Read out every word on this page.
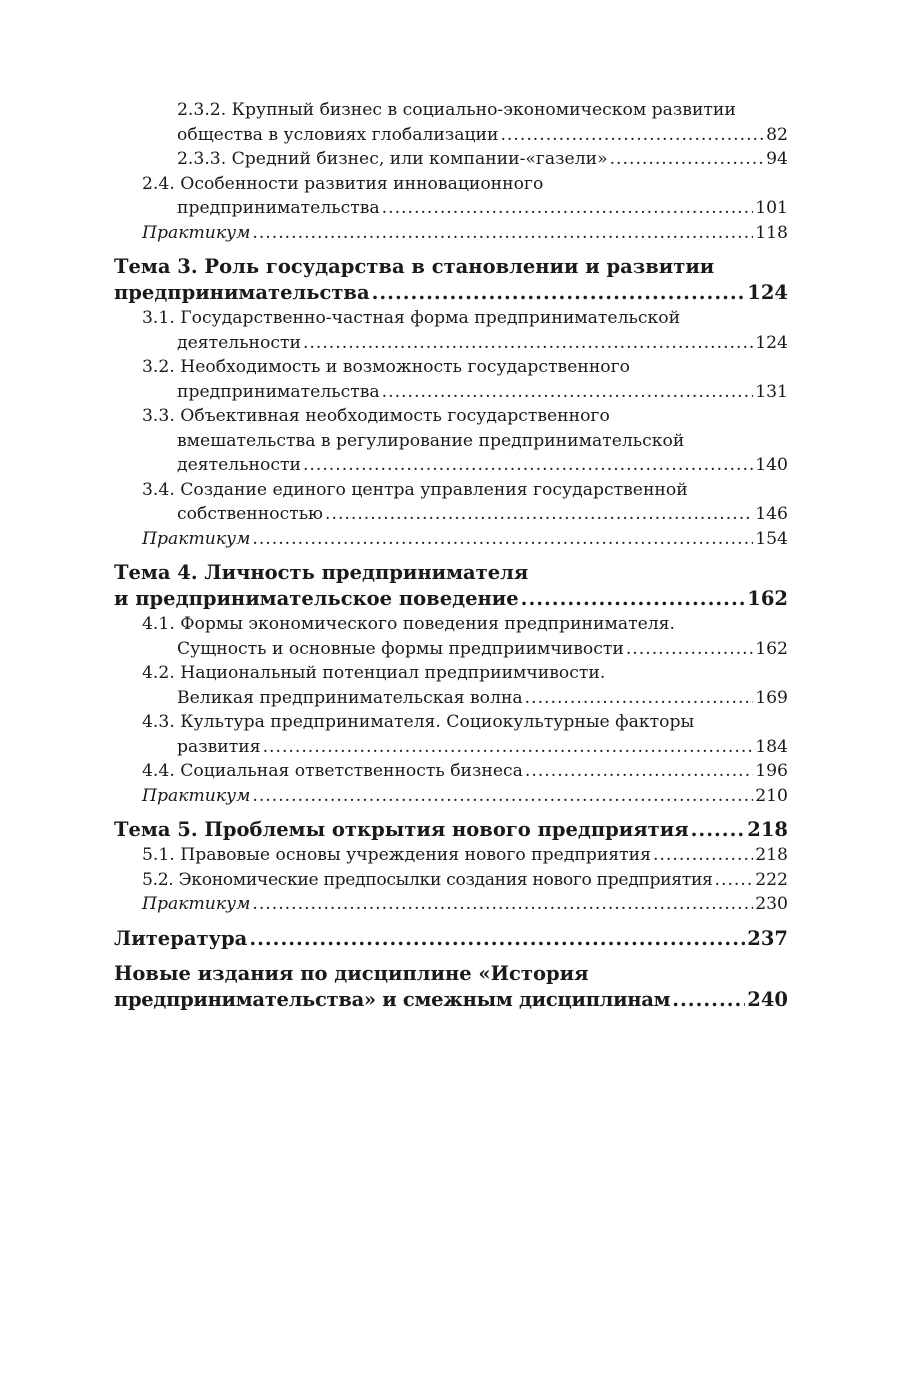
2.3.2. Крупный бизнес в социально-экономическом развитии
общества в условиях глобализации .....	82
2.3.3. Средний бизнес, или компании-«газели» .....	94
2.4. Особенности развития инновационного
предпринимательства .....	101
Практикум .....	118
Тема 3. Роль государства в становлении и развитии
предпринимательства .....	124
3.1. Государственно-частная форма предпринимательской
деятельности .....	124
3.2. Необходимость и возможность государственного
предпринимательства .....	131
3.3. Объективная необходимость государственного
вмешательства в регулирование предпринимательской
деятельности .....	140
3.4. Создание единого центра управления государственной
собственностью .....	146
Практикум .....	154
Тема 4. Личность предпринимателя
и предпринимательское поведение .....	162
4.1. Формы экономического поведения предпринимателя.
Сущность и основные формы предприимчивости .....	162
4.2. Национальный потенциал предприимчивости.
Великая предпринимательская волна .....	169
4.3. Культура предпринимателя. Социокультурные факторы
развития .....	184
4.4. Социальная ответственность бизнеса .....	196
Практикум .....	210
Тема 5. Проблемы открытия нового предприятия .....	218
5.1. Правовые основы учреждения нового предприятия .....	218
5.2. Экономические предпосылки создания нового предприятия ..... 222
Практикум .....	230
Литература .....	237
Новые издания по дисциплине «История
предпринимательства» и смежным дисциплинам .....	240
